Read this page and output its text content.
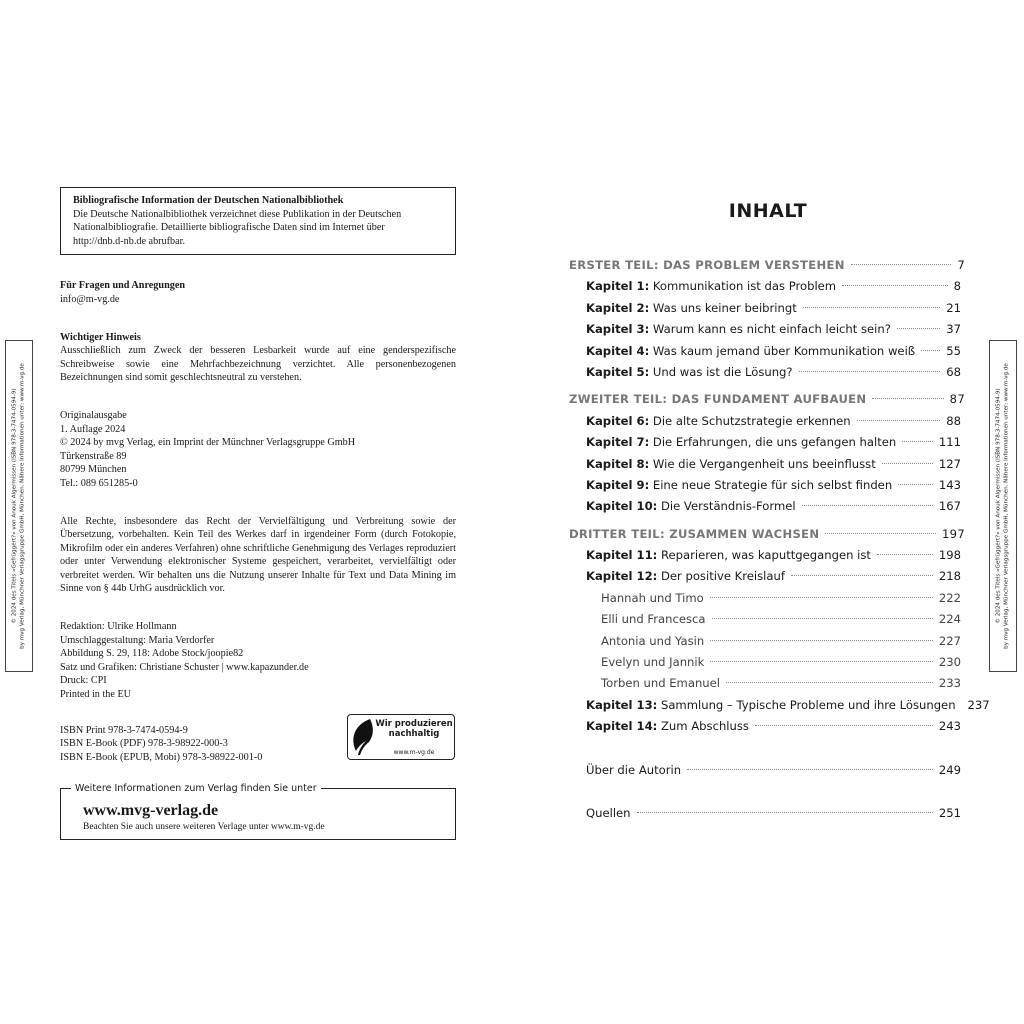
© 2024 des Titels »Gefrüggert?« von Anouk Algermissen (ISBN 978-3-7474-0594-9) by mvg Verlag, Münchner Verlagsgruppe GmbH, München. Nähere Informationen unter: www.m-vg.de	© 2024 des Titels »Gefrüggert?« von Anouk Algermissen (ISBN 978-3-7474-0594-9) by mvg Verlag, Münchner Verlagsgruppe GmbH, München. Nähere Informationen unter: www.m-vg.de
Bibliografische Information der Deutschen Nationalbibliothek
Die Deutsche Nationalbibliothek verzeichnet diese Publikation in der Deutschen
Nationalbibliografie. Detaillierte bibliografische Daten sind im Internet über
http://dnb.d-nb.de abrufbar.
Für Fragen und Anregungen
info@m-vg.de
Wichtiger Hinweis
Ausschließlich zum Zweck der besseren Lesbarkeit wurde auf eine genderspezifische Schreibweise sowie eine Mehrfachbezeichnung verzichtet. Alle personenbezogenen Bezeichnungen sind somit geschlechtsneutral zu verstehen.
Originalausgabe
1. Auflage 2024
© 2024 by mvg Verlag, ein Imprint der Münchner Verlagsgruppe GmbH
Türkenstraße 89
80799 München
Tel.: 089 651285-0
Alle Rechte, insbesondere das Recht der Vervielfältigung und Verbreitung sowie der Übersetzung, vorbehalten. Kein Teil des Werkes darf in irgendeiner Form (durch Fotokopie, Mikrofilm oder ein anderes Verfahren) ohne schriftliche Genehmigung des Verlages reproduziert oder unter Verwendung elektronischer Systeme gespeichert, verarbeitet, vervielfältigt oder verbreitet werden. Wir behalten uns die Nutzung unserer Inhalte für Text und Data Mining im Sinne von § 44b UrhG ausdrücklich vor.
Redaktion: Ulrike Hollmann
Umschlaggestaltung: Maria Verdorfer
Abbildung S. 29, 118: Adobe Stock/joopie82
Satz und Grafiken: Christiane Schuster | www.kapazunder.de
Druck: CPI
Printed in the EU
ISBN Print 978-3-7474-0594-9
ISBN E-Book (PDF) 978-3-98922-000-3
ISBN E-Book (EPUB, Mobi) 978-3-98922-001-0
Wir produzieren
nachhaltig
www.m-vg.de
Weitere Informationen zum Verlag finden Sie unter
www.mvg-verlag.de
Beachten Sie auch unsere weiteren Verlage unter www.m-vg.de
INHALT
ERSTER TEIL: DAS PROBLEM VERSTEHEN	7
Kapitel 1: Kommunikation ist das Problem	8
Kapitel 2: Was uns keiner beibringt	21
Kapitel 3: Warum kann es nicht einfach leicht sein?	37
Kapitel 4: Was kaum jemand über Kommunikation weiß	55
Kapitel 5: Und was ist die Lösung?	68
ZWEITER TEIL: DAS FUNDAMENT AUFBAUEN	87
Kapitel 6: Die alte Schutzstrategie erkennen	88
Kapitel 7: Die Erfahrungen, die uns gefangen halten	111
Kapitel 8: Wie die Vergangenheit uns beeinflusst	127
Kapitel 9: Eine neue Strategie für sich selbst finden	143
Kapitel 10: Die Verständnis-Formel	167
DRITTER TEIL: ZUSAMMEN WACHSEN	197
Kapitel 11: Reparieren, was kaputtgegangen ist	198
Kapitel 12: Der positive Kreislauf	218
Hannah und Timo	222
Elli und Francesca	224
Antonia und Yasin	227
Evelyn und Jannik	230
Torben und Emanuel	233
Kapitel 13: Sammlung – Typische Probleme und ihre Lösungen 237
Kapitel 14: Zum Abschluss	243
Über die Autorin	249
Quellen	251
